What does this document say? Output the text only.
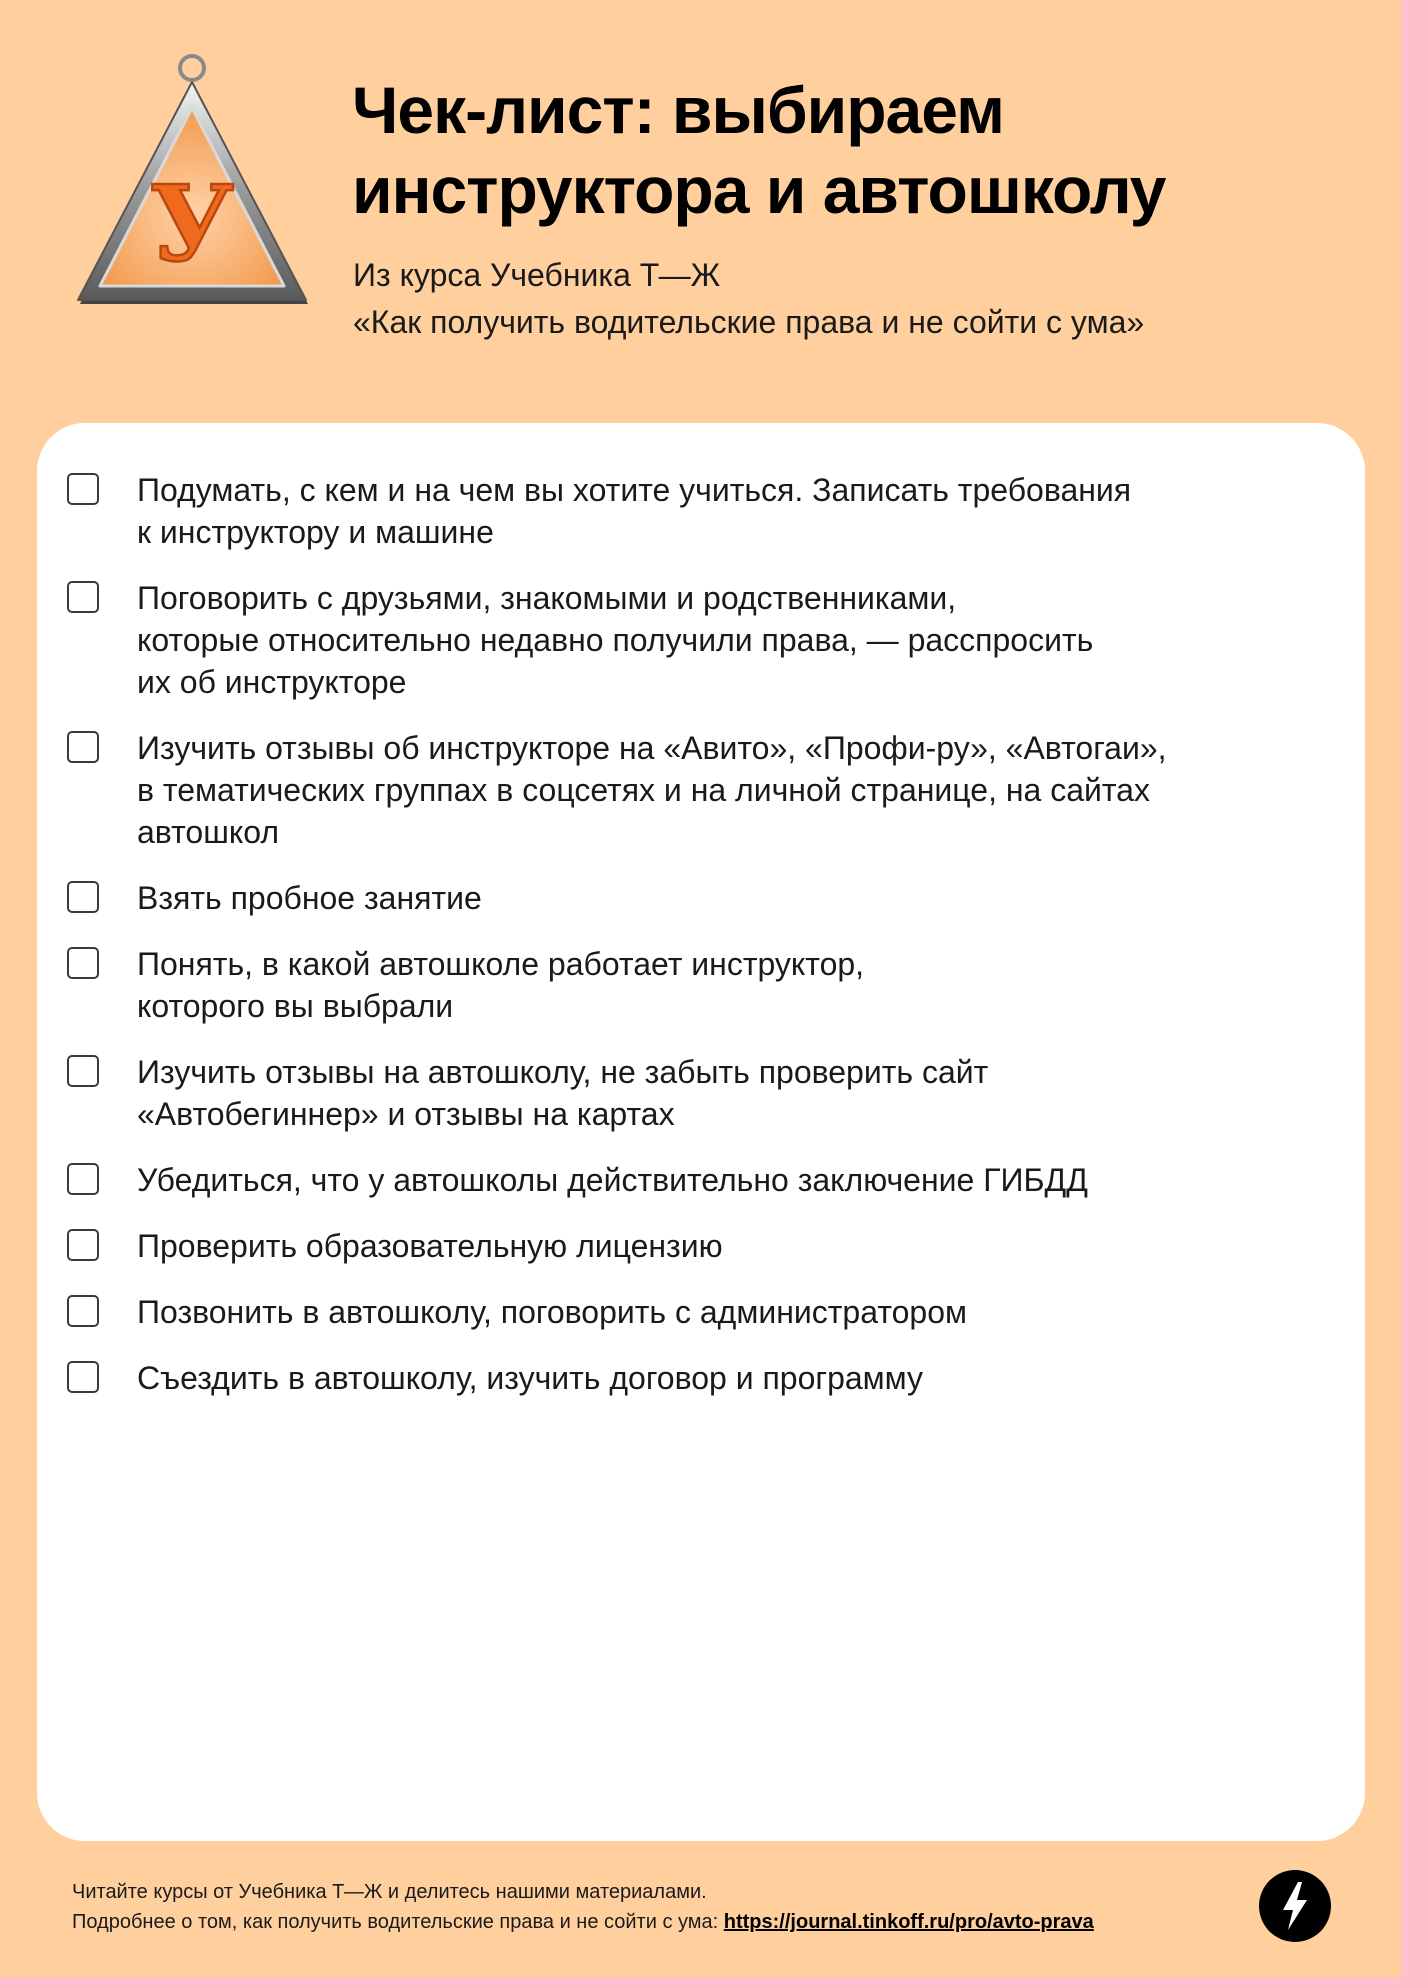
У
Чек-лист: выбираем
инструктора и автошколу
Из курса Учебника Т—Ж
«Как получить водительские права и не сойти с ума»
Подумать, с кем и на чем вы хотите учиться. Записать требования
к инструктору и машине
Поговорить с друзьями, знакомыми и родственниками,
которые относительно недавно получили права, — расспросить
их об инструкторе
Изучить отзывы об инструкторе на «Авито», «Профи-ру», «Автогаи»,
в тематических группах в соцсетях и на личной странице, на сайтах
автошкол
Взять пробное занятие
Понять, в какой автошколе работает инструктор,
которого вы выбрали
Изучить отзывы на автошколу, не забыть проверить сайт
«Автобегиннер» и отзывы на картах
Убедиться, что у автошколы действительно заключение ГИБДД
Проверить образовательную лицензию
Позвонить в автошколу, поговорить с администратором
Съездить в автошколу, изучить договор и программу
Читайте курсы от Учебника Т—Ж и делитесь нашими материалами.
Подробнее о том, как получить водительские права и не сойти с ума: https://journal.tinkoff.ru/pro/avto-prava
